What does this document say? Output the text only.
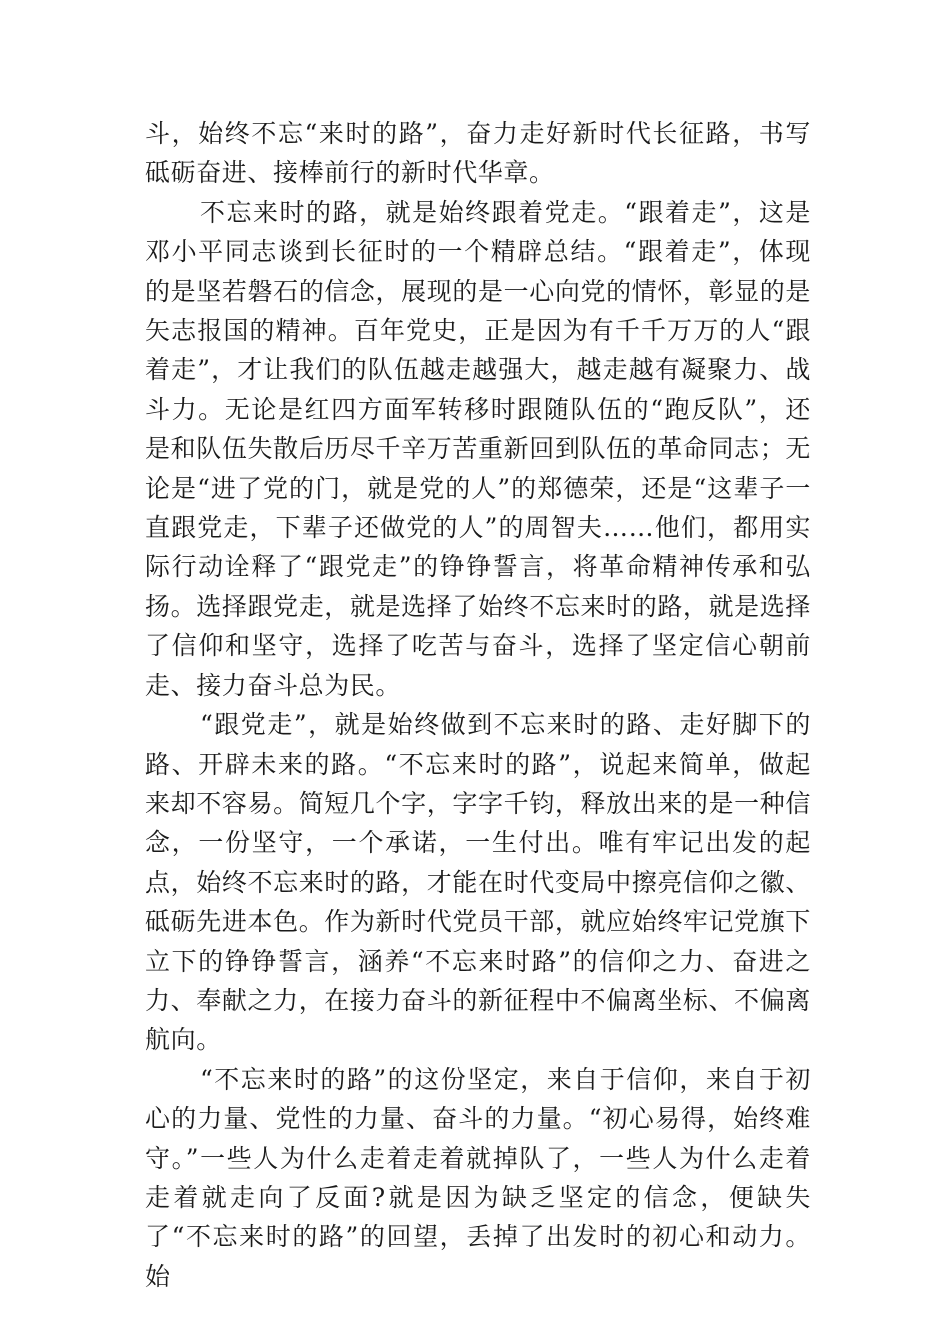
斗，始终不忘“来时的路”，奋力走好新时代长征路，书写砥砺奋进、接棒前行的新时代华章。

不忘来时的路，就是始终跟着党走。“跟着走”，这是邓小平同志谈到长征时的一个精辟总结。“跟着走”，体现的是坚若磐石的信念，展现的是一心向党的情怀，彰显的是矢志报国的精神。百年党史，正是因为有千千万万的人“跟着走”，才让我们的队伍越走越强大，越走越有凝聚力、战斗力。无论是红四方面军转移时跟随队伍的“跑反队”，还是和队伍失散后历尽千辛万苦重新回到队伍的革命同志；无论是“进了党的门，就是党的人”的郑德荣，还是“这辈子一直跟党走，下辈子还做党的人”的周智夫……他们，都用实际行动诠释了“跟党走”的铮铮誓言，将革命精神传承和弘扬。选择跟党走，就是选择了始终不忘来时的路，就是选择了信仰和坚守，选择了吃苦与奋斗，选择了坚定信心朝前走、接力奋斗总为民。

“跟党走”，就是始终做到不忘来时的路、走好脚下的路、开辟未来的路。“不忘来时的路”，说起来简单，做起来却不容易。简短几个字，字字千钧，释放出来的是一种信念，一份坚守，一个承诺，一生付出。唯有牢记出发的起点，始终不忘来时的路，才能在时代变局中擦亮信仰之徽、砥砺先进本色。作为新时代党员干部，就应始终牢记党旗下立下的铮铮誓言，涵养“不忘来时路”的信仰之力、奋进之力、奉献之力，在接力奋斗的新征程中不偏离坐标、不偏离航向。

“不忘来时的路”的这份坚定，来自于信仰，来自于初心的力量、党性的力量、奋斗的力量。“初心易得，始终难守。”一些人为什么走着走着就掉队了，一些人为什么走着走着就走向了反面?就是因为缺乏坚定的信念，便缺失了“不忘来时的路”的回望，丢掉了出发时的初心和动力。始
